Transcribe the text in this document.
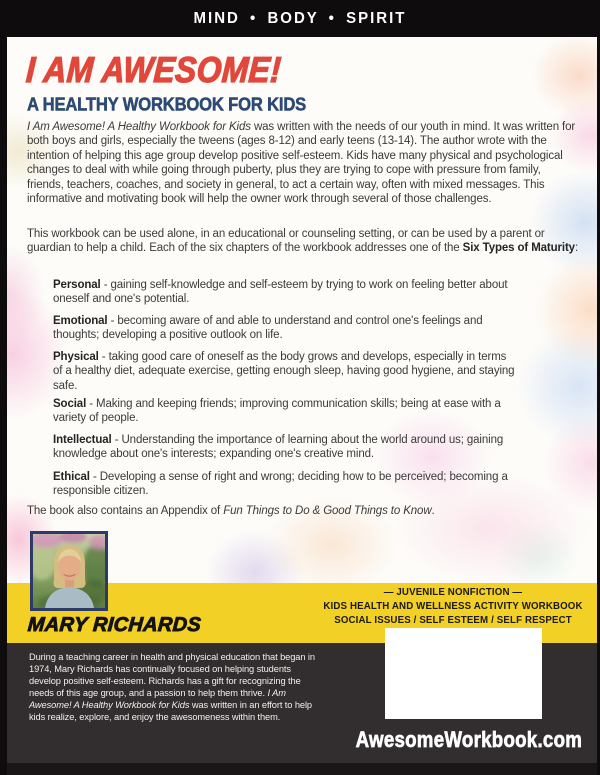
MIND • BODY • SPIRIT
I AM AWESOME!
A HEALTHY WORKBOOK FOR KIDS
I Am Awesome! A Healthy Workbook for Kids was written with the needs of our youth in mind. It was written for both boys and girls, especially the tweens (ages 8-12) and early teens (13-14). The author wrote with the intention of helping this age group develop positive self-esteem. Kids have many physical and psychological changes to deal with while going through puberty, plus they are trying to cope with pressure from family, friends, teachers, coaches, and society in general, to act a certain way, often with mixed messages. This informative and motivating book will help the owner work through several of those challenges.
This workbook can be used alone, in an educational or counseling setting, or can be used by a parent or guardian to help a child. Each of the six chapters of the workbook addresses one of the Six Types of Maturity:
Personal - gaining self-knowledge and self-esteem by trying to work on feeling better about oneself and one's potential.
Emotional - becoming aware of and able to understand and control one's feelings and thoughts; developing a positive outlook on life.
Physical - taking good care of oneself as the body grows and develops, especially in terms of a healthy diet, adequate exercise, getting enough sleep, having good hygiene, and staying safe.
Social - Making and keeping friends; improving communication skills; being at ease with a variety of people.
Intellectual - Understanding the importance of learning about the world around us; gaining knowledge about one's interests; expanding one's creative mind.
Ethical - Developing a sense of right and wrong; deciding how to be perceived; becoming a responsible citizen.
The book also contains an Appendix of Fun Things to Do & Good Things to Know.
MARY RICHARDS
— JUVENILE NONFICTION —
KIDS HEALTH AND WELLNESS ACTIVITY WORKBOOK
SOCIAL ISSUES / SELF ESTEEM / SELF RESPECT
During a teaching career in health and physical education that began in 1974, Mary Richards has continually focused on helping students develop positive self-esteem. Richards has a gift for recognizing the needs of this age group, and a passion to help them thrive. I Am Awesome! A Healthy Workbook for Kids was written in an effort to help kids realize, explore, and enjoy the awesomeness within them.
AwesomeWorkbook.com
